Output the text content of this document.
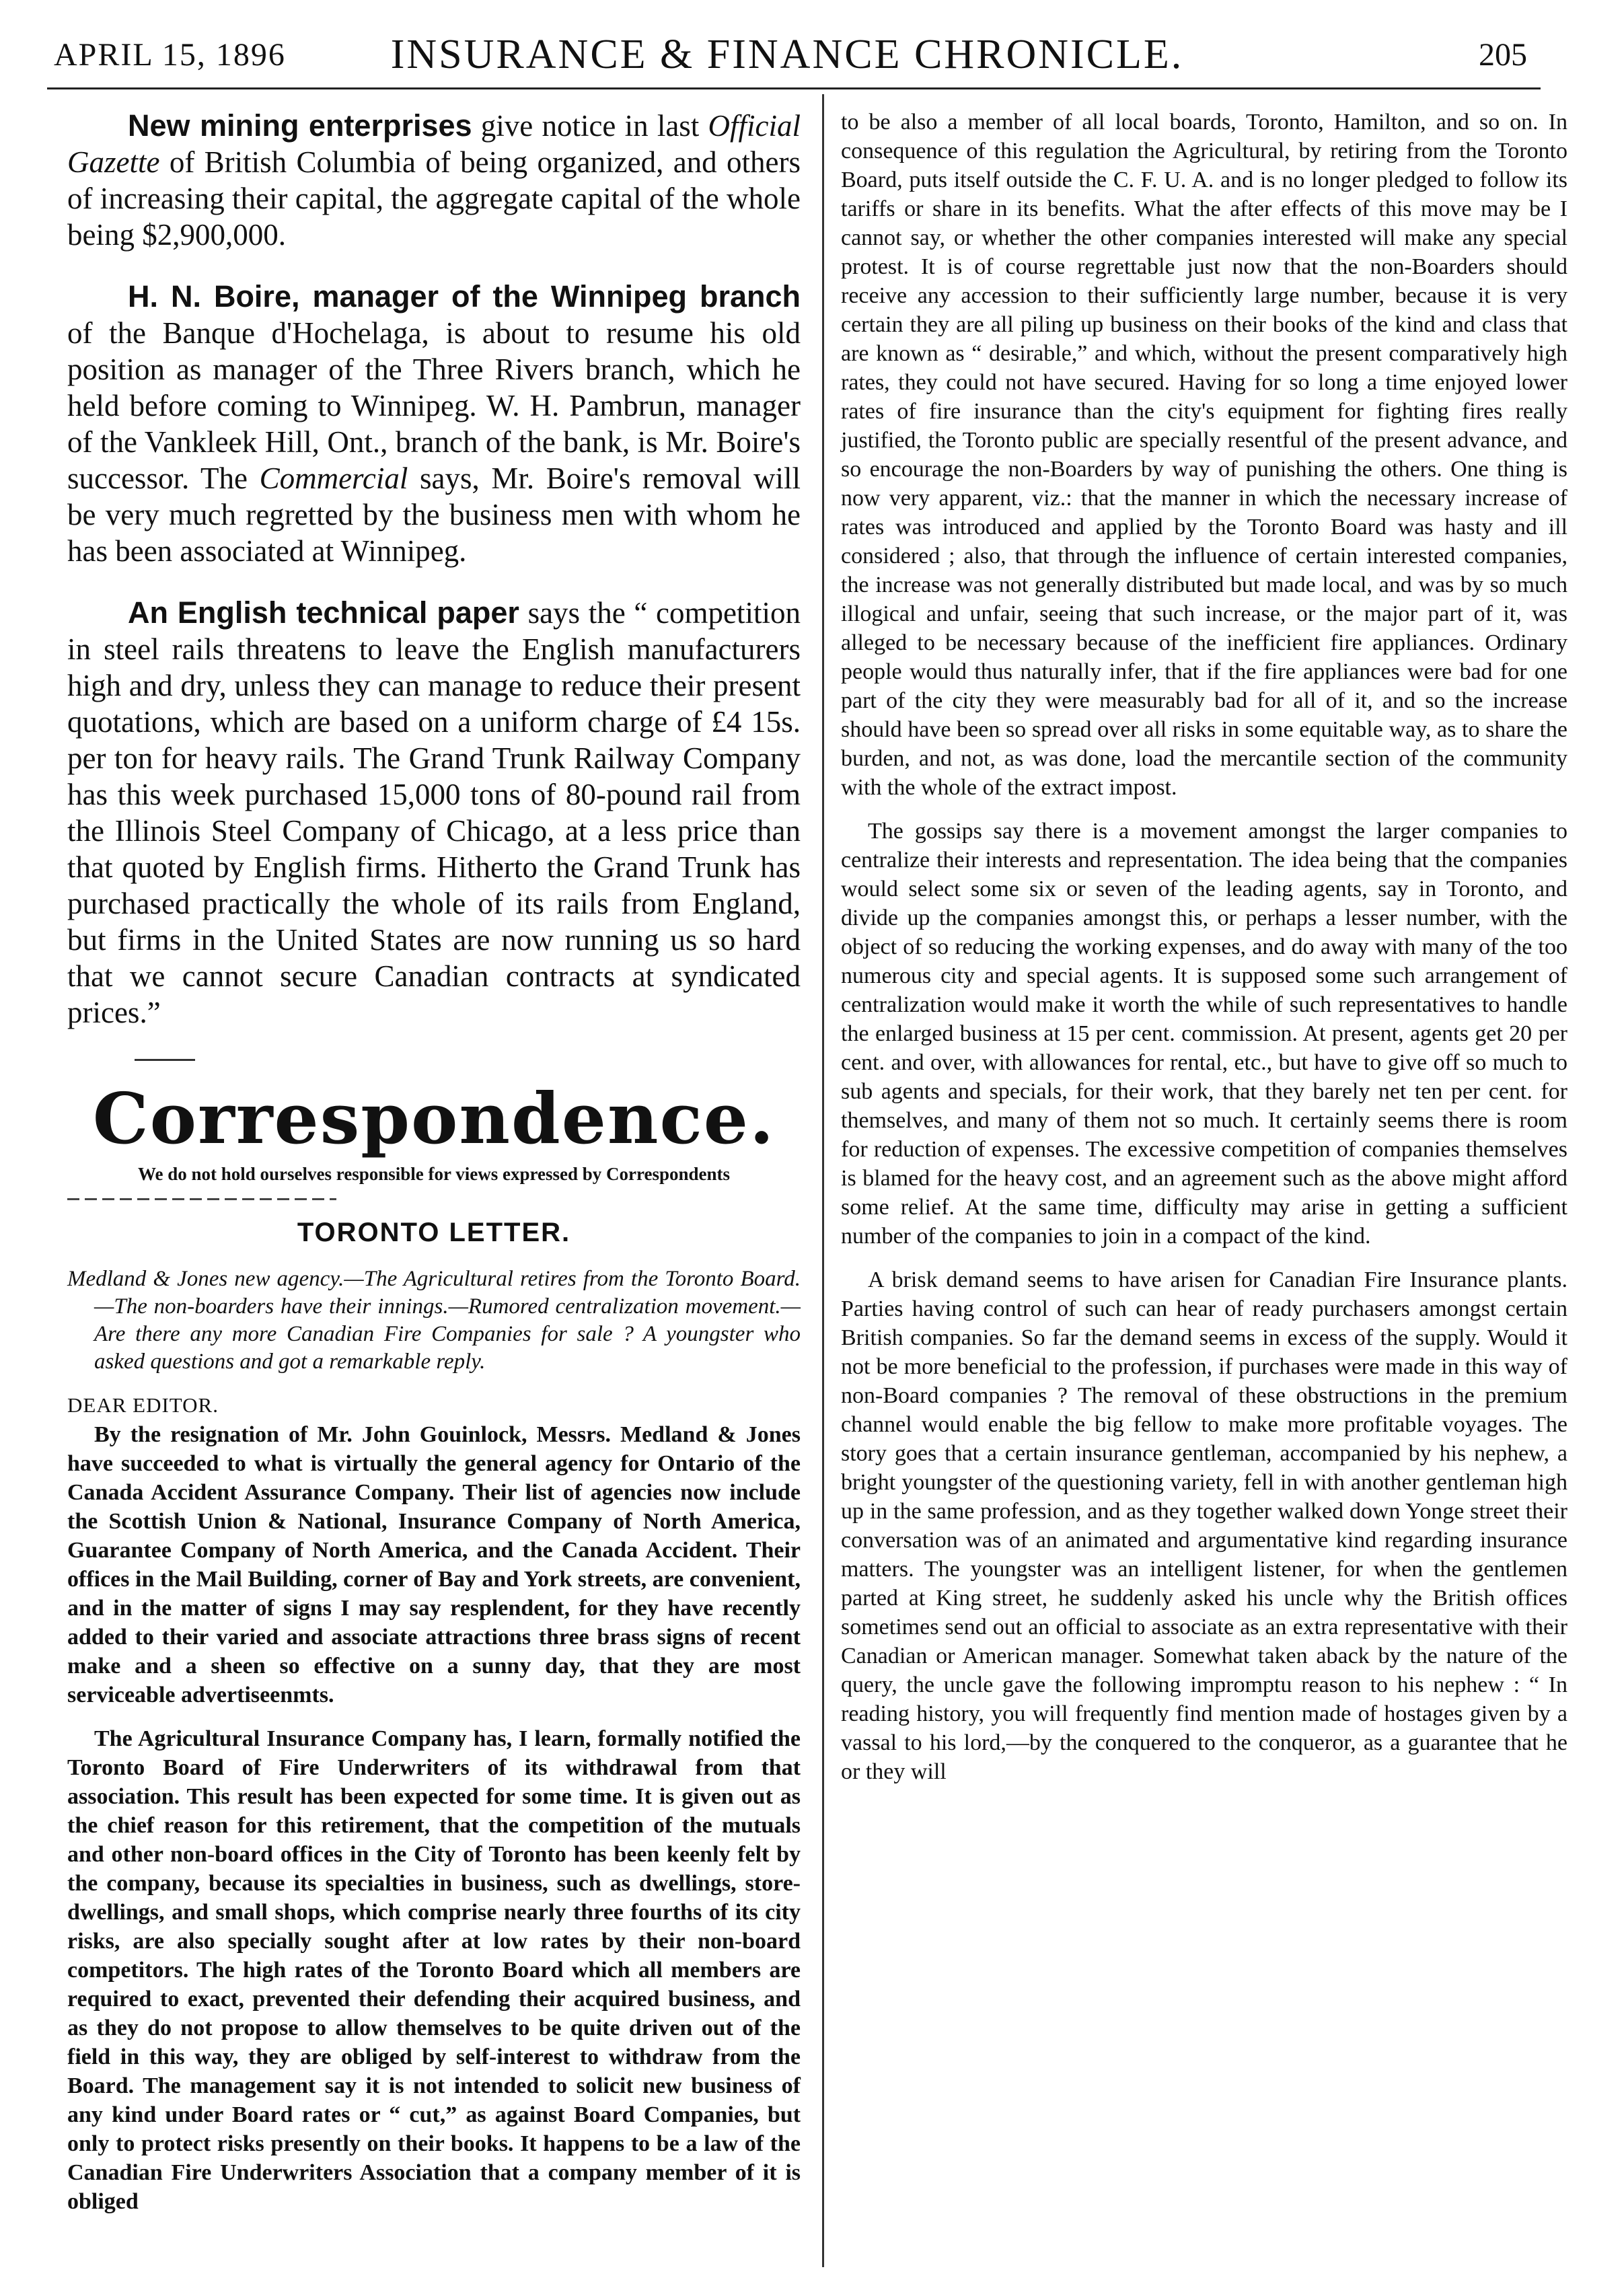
APRIL 15, 1896	INSURANCE & FINANCE CHRONICLE.	205

New mining enterprises give notice in last Official Gazette of British Columbia of being organized, and others of increasing their capital, the aggregate capital of the whole being $2,900,000.

H. N. Boire, manager of the Winnipeg branch of the Banque d'Hochelaga, is about to resume his old position as manager of the Three Rivers branch, which he held before coming to Winnipeg. W. H. Pambrun, manager of the Vankleek Hill, Ont., branch of the bank, is Mr. Boire's successor. The Commercial says, Mr. Boire's removal will be very much regretted by the business men with whom he has been associated at Winnipeg.

An English technical paper says the “ competition in steel rails threatens to leave the English manufacturers high and dry, unless they can manage to reduce their present quotations, which are based on a uniform charge of £4 15s. per ton for heavy rails. The Grand Trunk Railway Company has this week purchased 15,000 tons of 80-pound rail from the Illinois Steel Company of Chicago, at a less price than that quoted by English firms. Hitherto the Grand Trunk has purchased practically the whole of its rails from England, but firms in the United States are now running us so hard that we cannot secure Canadian contracts at syndicated prices.”

Correspondence.
We do not hold ourselves responsible for views expressed by Correspondents
TORONTO LETTER.

Medland & Jones new agency.—The Agricultural retires from the Toronto Board.—The non-boarders have their innings.—Rumored centralization movement.—Are there any more Canadian Fire Companies for sale ? A youngster who asked questions and got a remarkable reply.

DEAR EDITOR.

By the resignation of Mr. John Gouinlock, Messrs. Medland & Jones have succeeded to what is virtually the general agency for Ontario of the Canada Accident Assurance Company. Their list of agencies now include the Scottish Union & National, Insurance Company of North America, Guarantee Company of North America, and the Canada Accident. Their offices in the Mail Building, corner of Bay and York streets, are convenient, and in the matter of signs I may say resplendent, for they have recently added to their varied and associate attractions three brass signs of recent make and a sheen so effective on a sunny day, that they are most serviceable advertiseenmts.

The Agricultural Insurance Company has, I learn, formally notified the Toronto Board of Fire Underwriters of its withdrawal from that association. This result has been expected for some time. It is given out as the chief reason for this retirement, that the competition of the mutuals and other non-board offices in the City of Toronto has been keenly felt by the company, because its specialties in business, such as dwellings, store-dwellings, and small shops, which comprise nearly three fourths of its city risks, are also specially sought after at low rates by their non-board competitors. The high rates of the Toronto Board which all members are required to exact, prevented their defending their acquired business, and as they do not propose to allow themselves to be quite driven out of the field in this way, they are obliged by self-interest to withdraw from the Board. The management say it is not intended to solicit new business of any kind under Board rates or “ cut,” as against Board Companies, but only to protect risks presently on their books. It happens to be a law of the Canadian Fire Underwriters Association that a company member of it is obliged

to be also a member of all local boards, Toronto, Hamilton, and so on. In consequence of this regulation the Agricultural, by retiring from the Toronto Board, puts itself outside the C. F. U. A. and is no longer pledged to follow its tariffs or share in its benefits. What the after effects of this move may be I cannot say, or whether the other companies interested will make any special protest. It is of course regrettable just now that the non-Boarders should receive any accession to their sufficiently large number, because it is very certain they are all piling up business on their books of the kind and class that are known as “ desirable,” and which, without the present comparatively high rates, they could not have secured. Having for so long a time enjoyed lower rates of fire insurance than the city's equipment for fighting fires really justified, the Toronto public are specially resentful of the present advance, and so encourage the non-Boarders by way of punishing the others. One thing is now very apparent, viz.: that the manner in which the necessary increase of rates was introduced and applied by the Toronto Board was hasty and ill considered ; also, that through the influence of certain interested companies, the increase was not generally distributed but made local, and was by so much illogical and unfair, seeing that such increase, or the major part of it, was alleged to be necessary because of the inefficient fire appliances. Ordinary people would thus naturally infer, that if the fire appliances were bad for one part of the city they were measurably bad for all of it, and so the increase should have been so spread over all risks in some equitable way, as to share the burden, and not, as was done, load the mercantile section of the community with the whole of the extract impost.

The gossips say there is a movement amongst the larger companies to centralize their interests and representation. The idea being that the companies would select some six or seven of the leading agents, say in Toronto, and divide up the companies amongst this, or perhaps a lesser number, with the object of so reducing the working expenses, and do away with many of the too numerous city and special agents. It is supposed some such arrangement of centralization would make it worth the while of such representatives to handle the enlarged business at 15 per cent. commission. At present, agents get 20 per cent. and over, with allowances for rental, etc., but have to give off so much to sub agents and specials, for their work, that they barely net ten per cent. for themselves, and many of them not so much. It certainly seems there is room for reduction of expenses. The excessive competition of companies themselves is blamed for the heavy cost, and an agreement such as the above might afford some relief. At the same time, difficulty may arise in getting a sufficient number of the companies to join in a compact of the kind.

A brisk demand seems to have arisen for Canadian Fire Insurance plants. Parties having control of such can hear of ready purchasers amongst certain British companies. So far the demand seems in excess of the supply. Would it not be more beneficial to the profession, if purchases were made in this way of non-Board companies ? The removal of these obstructions in the premium channel would enable the big fellow to make more profitable voyages. The story goes that a certain insurance gentleman, accompanied by his nephew, a bright youngster of the questioning variety, fell in with another gentleman high up in the same profession, and as they together walked down Yonge street their conversation was of an animated and argumentative kind regarding insurance matters. The youngster was an intelligent listener, for when the gentlemen parted at King street, he suddenly asked his uncle why the British offices sometimes send out an official to associate as an extra representative with their Canadian or American manager. Somewhat taken aback by the nature of the query, the uncle gave the following impromptu reason to his nephew : “ In reading history, you will frequently find mention made of hostages given by a vassal to his lord,—by the conquered to the conqueror, as a guarantee that he or they will
